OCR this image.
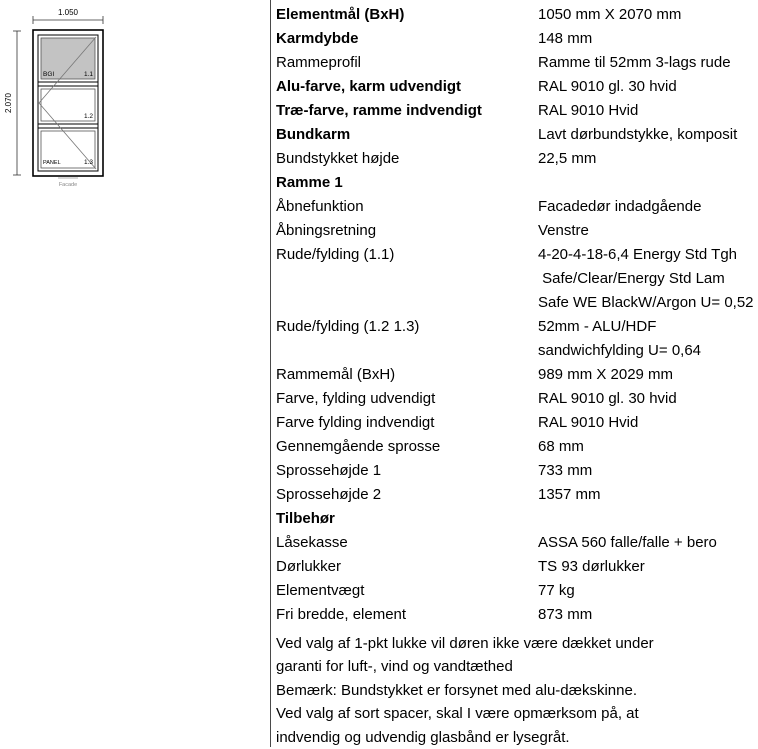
1.050
2.070
BGI	1.1
1.2
PANEL	1.3
Facade
Elementmål (BxH)	1050 mm X 2070 mm
Karmdybde	148 mm
Rammeprofil	Ramme til 52mm 3-lags rude
Alu-farve, karm udvendigt	RAL 9010 gl. 30 hvid
Træ-farve, ramme indvendigt	RAL 9010 Hvid
Bundkarm	Lavt dørbundstykke, komposit
Bundstykket højde	22,5 mm
Ramme 1
Åbnefunktion	Facadedør indadgående
Åbningsretning	Venstre
Rude/fylding (1.1)	4-20-4-18-6,4 Energy Std Tgh
Safe/Clear/Energy Std Lam
Safe WE BlackW/Argon U= 0,52
Rude/fylding (1.2 1.3)	52mm - ALU/HDF
sandwichfylding U= 0,64
Rammemål (BxH)	989 mm X 2029 mm
Farve, fylding udvendigt	RAL 9010 gl. 30 hvid
Farve fylding indvendigt	RAL 9010 Hvid
Gennemgående sprosse	68 mm
Sprossehøjde 1	733 mm
Sprossehøjde 2	1357 mm
Tilbehør
Låsekasse	ASSA 560 falle/falle + bero
Dørlukker	TS 93 dørlukker
Elementvægt	77 kg
Fri bredde, element	873 mm
Ved valg af 1-pkt lukke vil døren ikke være dækket under
garanti for luft-, vind og vandtæthed
Bemærk: Bundstykket er forsynet med alu-dækskinne.
Ved valg af sort spacer, skal I være opmærksom på, at
indvendig og udvendig glasbånd er lysegråt.
